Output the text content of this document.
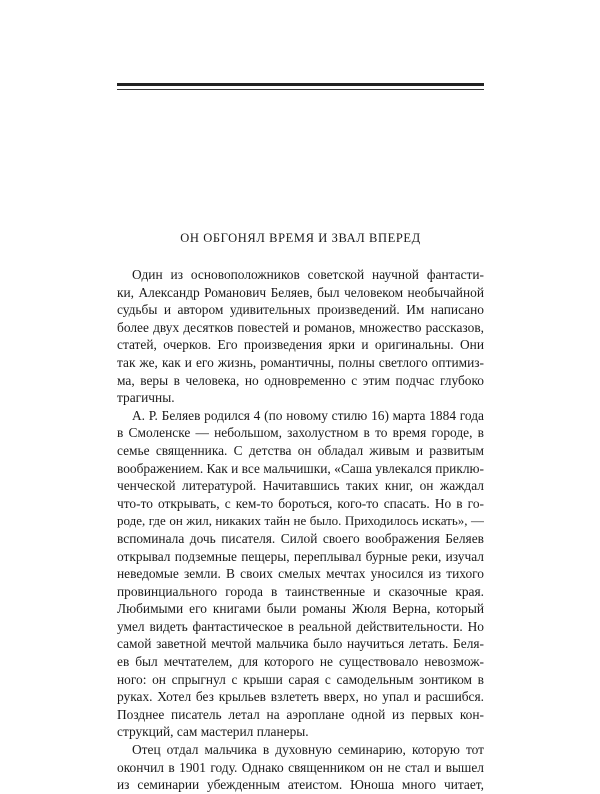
ОН ОБГОНЯЛ ВРЕМЯ И ЗВАЛ ВПЕРЕД
Один из основоположников советской научной фантасти-
ки, Александр Романович Беляев, был человеком необычайной
судьбы и автором удивительных произведений. Им написано
более двух десятков повестей и романов, множество рассказов,
статей, очерков. Его произведения ярки и оригинальны. Они
так же, как и его жизнь, романтичны, полны светлого оптимиз-
ма, веры в человека, но одновременно с этим подчас глубоко
трагичны.
А. Р. Беляев родился 4 (по новому стилю 16) марта 1884 года
в Смоленске — небольшом, захолустном в то время городе, в
семье священника. С детства он обладал живым и развитым
воображением. Как и все мальчишки, «Саша увлекался приклю-
ченческой литературой. Начитавшись таких книг, он жаждал
что-то открывать, с кем-то бороться, кого-то спасать. Но в го-
роде, где он жил, никаких тайн не было. Приходилось искать», —
вспоминала дочь писателя. Силой своего воображения Беляев
открывал подземные пещеры, переплывал бурные реки, изучал
неведомые земли. В своих смелых мечтах уносился из тихого
провинциального города в таинственные и сказочные края.
Любимыми его книгами были романы Жюля Верна, который
умел видеть фантастическое в реальной действительности. Но
самой заветной мечтой мальчика было научиться летать. Беля-
ев был мечтателем, для которого не существовало невозмож-
ного: он спрыгнул с крыши сарая с самодельным зонтиком в
руках. Хотел без крыльев взлететь вверх, но упал и расшибся.
Позднее писатель летал на аэроплане одной из первых кон-
струкций, сам мастерил планеры.
Отец отдал мальчика в духовную семинарию, которую тот
окончил в 1901 году. Однако священником он не стал и вышел
из семинарии убежденным атеистом. Юноша много читает,
